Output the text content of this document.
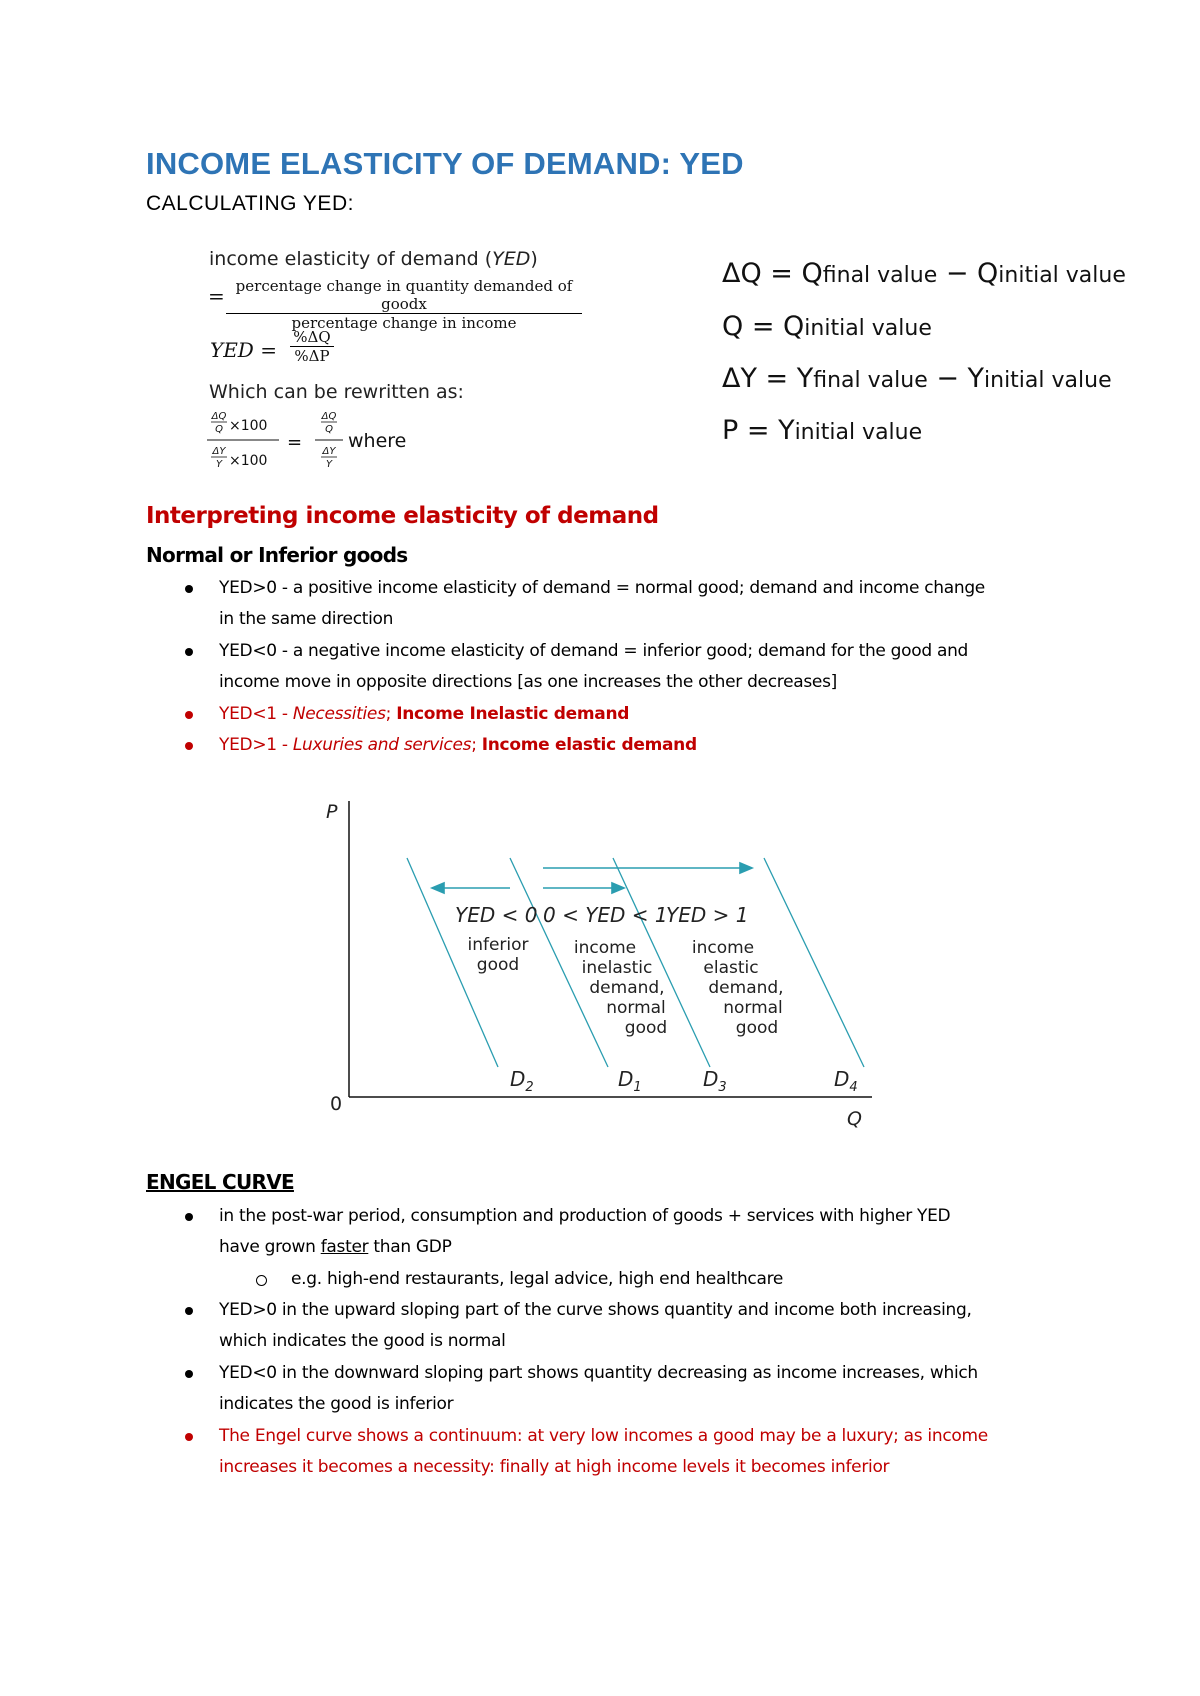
INCOME ELASTICITY OF DEMAND: YED
CALCULATING YED:
income elasticity of demand (YED)
= percentage change in quantity demanded of goodx
percentage change in income
YED = $\frac{\%\Delta Q}{\%\Delta P}$
Which can be rewritten as:
ΔQ
Q ×100
ΔY
Y ×100
=
ΔQ
Q
ΔY
Y
where
ΔQ = Qfinal value − Qinitial value
Q = Qinitial value
ΔY = Yfinal value − Yinitial value
P = Yinitial value
Interpreting income elasticity of demand
Normal or Inferior goods
YED>0 - a positive income elasticity of demand = normal good; demand and income change
in the same direction
YED<0 - a negative income elasticity of demand = inferior good; demand for the good and
income move in opposite directions [as one increases the other decreases]
YED<1 - Necessities; Income Inelastic demand
YED>1 - Luxuries and services; Income elastic demand
P
0
Q
YED < 0 0 < YED < 1
YED > 1
inferior
good
income
inelastic
demand,
normal
good
income
elastic
demand,
normal
good
$D_2$	$D_1$	$D_3$	$D_4$
ENGEL CURVE
in the post-war period, consumption and production of goods + services with higher YED
have grown faster than GDP
e.g. high-end restaurants, legal advice, high end healthcare
YED>0 in the upward sloping part of the curve shows quantity and income both increasing,
which indicates the good is normal
YED<0 in the downward sloping part shows quantity decreasing as income increases, which
indicates the good is inferior
The Engel curve shows a continuum: at very low incomes a good may be a luxury; as income
increases it becomes a necessity: finally at high income levels it becomes inferior
